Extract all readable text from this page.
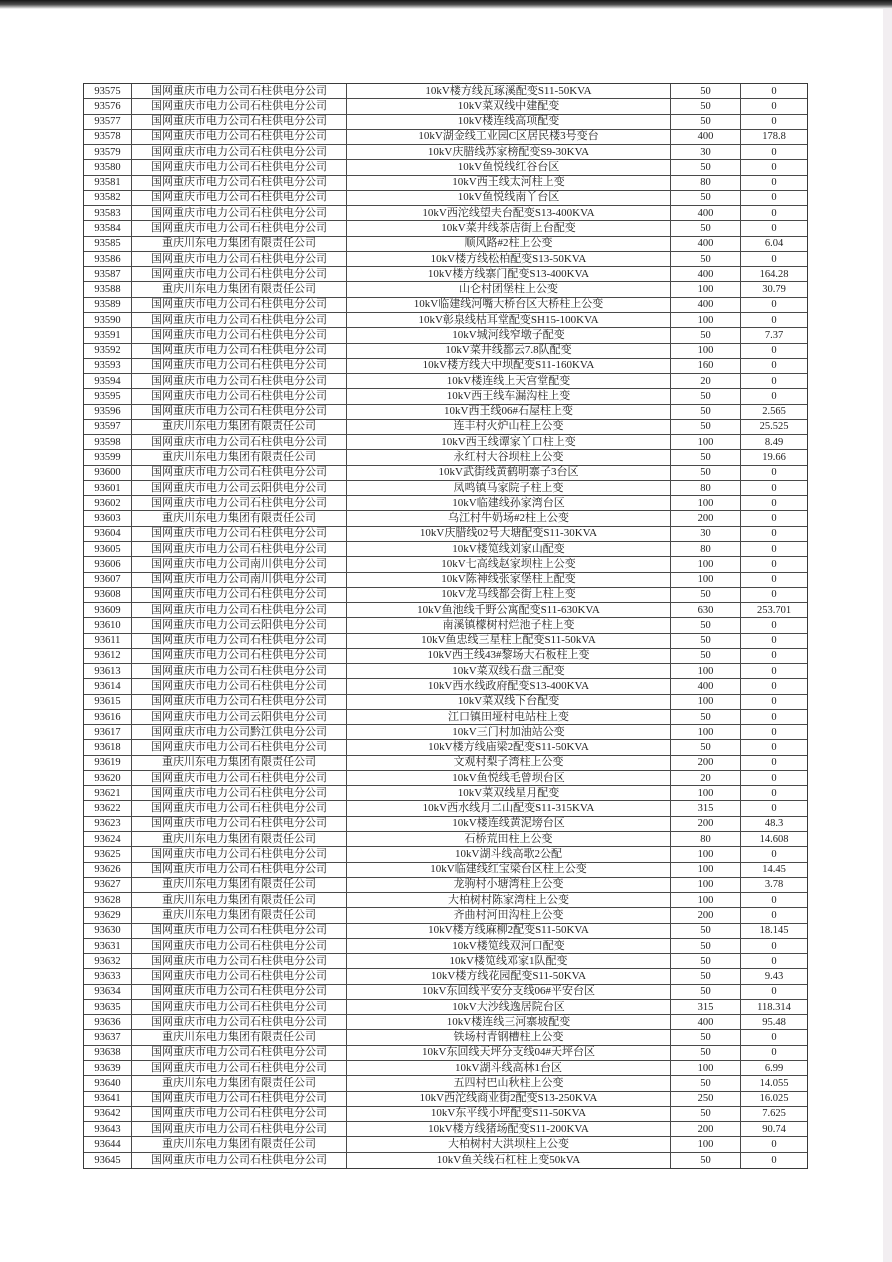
93575	国网重庆市电力公司石柱供电分公司	10kV楼方线瓦琢溪配变S11-50KVA	50	0
93576	国网重庆市电力公司石柱供电分公司	10kV菜双线中建配变	50	0
93577	国网重庆市电力公司石柱供电分公司	10kV楼连线高项配变	50	0
93578	国网重庆市电力公司石柱供电分公司	10kV湖金线工业园C区居民楼3号变台	400	178.8
93579	国网重庆市电力公司石柱供电分公司	10kV庆腊线苏家榜配变S9-30KVA	30	0
93580	国网重庆市电力公司石柱供电分公司	10kV鱼悦线红谷台区	50	0
93581	国网重庆市电力公司石柱供电分公司	10kV西王线太河柱上变	80	0
93582	国网重庆市电力公司石柱供电分公司	10kV鱼悦线南丫台区	50	0
93583	国网重庆市电力公司石柱供电分公司	10kV西沱线望夫台配变S13-400KVA	400	0
93584	国网重庆市电力公司石柱供电分公司	10kV菜井线茶店街上台配变	50	0
93585	重庆川东电力集团有限责任公司	顺风路#2柱上公变	400	6.04
93586	国网重庆市电力公司石柱供电分公司	10kV楼方线松柏配变S13-50KVA	50	0
93587	国网重庆市电力公司石柱供电分公司	10kV楼方线寨门配变S13-400KVA	400	164.28
93588	重庆川东电力集团有限责任公司	山仑村团堡柱上公变	100	30.79
93589	国网重庆市电力公司石柱供电分公司	10kV临建线河嘴大桥台区大桥柱上公变	400	0
93590	国网重庆市电力公司石柱供电分公司	10kV彰泉线枯耳堂配变SH15-100KVA	100	0
93591	国网重庆市电力公司石柱供电分公司	10kV城河线窄墩子配变	50	7.37
93592	国网重庆市电力公司石柱供电分公司	10kV菜井线都云7.8队配变	100	0
93593	国网重庆市电力公司石柱供电分公司	10kV楼方线大中坝配变S11-160KVA	160	0
93594	国网重庆市电力公司石柱供电分公司	10kV楼连线上天宫堂配变	20	0
93595	国网重庆市电力公司石柱供电分公司	10kV西王线车漏沟柱上变	50	0
93596	国网重庆市电力公司石柱供电分公司	10kV西王线06#石屋柱上变	50	2.565
93597	重庆川东电力集团有限责任公司	连丰村火炉山柱上公变	50	25.525
93598	国网重庆市电力公司石柱供电分公司	10kV西王线谭家丫口柱上变	100	8.49
93599	重庆川东电力集团有限责任公司	永红村大谷坝柱上公变	50	19.66
93600	国网重庆市电力公司石柱供电分公司	10kV武街线黄鹤明寨子3台区	50	0
93601	国网重庆市电力公司云阳供电分公司	凤鸣镇马家院子柱上变	80	0
93602	国网重庆市电力公司石柱供电分公司	10kV临建线孙家湾台区	100	0
93603	重庆川东电力集团有限责任公司	乌江村牛奶场#2柱上公变	200	0
93604	国网重庆市电力公司石柱供电分公司	10kV庆腊线02号大塘配变S11-30KVA	30	0
93605	国网重庆市电力公司石柱供电分公司	10kV楼笕线刘家山配变	80	0
93606	国网重庆市电力公司南川供电分公司	10kV七高线赵家坝柱上公变	100	0
93607	国网重庆市电力公司南川供电分公司	10kV陈神线张家堡柱上配变	100	0
93608	国网重庆市电力公司石柱供电分公司	10kV龙马线都会街上柱上变	50	0
93609	国网重庆市电力公司石柱供电分公司	10kV鱼池线千野公寓配变S11-630KVA	630	253.701
93610	国网重庆市电力公司云阳供电分公司	南溪镇檬树村烂池子柱上变	50	0
93611	国网重庆市电力公司石柱供电分公司	10kV鱼忠线三星柱上配变S11-50kVA	50	0
93612	国网重庆市电力公司石柱供电分公司	10kV西王线43#黎场大石板柱上变	50	0
93613	国网重庆市电力公司石柱供电分公司	10kV菜双线石盘三配变	100	0
93614	国网重庆市电力公司石柱供电分公司	10kV西水线政府配变S13-400KVA	400	0
93615	国网重庆市电力公司石柱供电分公司	10kV菜双线下台配变	100	0
93616	国网重庆市电力公司云阳供电分公司	江口镇田垭村电站柱上变	50	0
93617	国网重庆市电力公司黔江供电分公司	10kV三门村加油站公变	100	0
93618	国网重庆市电力公司石柱供电分公司	10kV楼方线庙梁2配变S11-50KVA	50	0
93619	重庆川东电力集团有限责任公司	文观村梨子湾柱上公变	200	0
93620	国网重庆市电力公司石柱供电分公司	10kV鱼悦线毛曾坝台区	20	0
93621	国网重庆市电力公司石柱供电分公司	10kV菜双线星月配变	100	0
93622	国网重庆市电力公司石柱供电分公司	10kV西水线月二山配变S11-315KVA	315	0
93623	国网重庆市电力公司石柱供电分公司	10kV楼连线黄泥塝台区	200	48.3
93624	重庆川东电力集团有限责任公司	石桥荒田柱上公变	80	14.608
93625	国网重庆市电力公司石柱供电分公司	10kV湖斗线高歌2公配	100	0
93626	国网重庆市电力公司石柱供电分公司	10kV临建线红宝梁台区柱上公变	100	14.45
93627	重庆川东电力集团有限责任公司	龙驹村小塘湾柱上公变	100	3.78
93628	重庆川东电力集团有限责任公司	大柏树村陈家湾柱上公变	100	0
93629	重庆川东电力集团有限责任公司	齐曲村河田沟柱上公变	200	0
93630	国网重庆市电力公司石柱供电分公司	10kV楼方线麻柳2配变S11-50KVA	50	18.145
93631	国网重庆市电力公司石柱供电分公司	10kV楼笕线双河口配变	50	0
93632	国网重庆市电力公司石柱供电分公司	10kV楼笕线邓家1队配变	50	0
93633	国网重庆市电力公司石柱供电分公司	10kV楼方线花园配变S11-50KVA	50	9.43
93634	国网重庆市电力公司石柱供电分公司	10kV东回线平安分支线06#平安台区	50	0
93635	国网重庆市电力公司石柱供电分公司	10kV大沙线逸居院台区	315	118.314
93636	国网重庆市电力公司石柱供电分公司	10kV楼连线三河寨坡配变	400	95.48
93637	重庆川东电力集团有限责任公司	铁场村青钢槽柱上公变	50	0
93638	国网重庆市电力公司石柱供电分公司	10kV东回线天坪分支线04#天坪台区	50	0
93639	国网重庆市电力公司石柱供电分公司	10kV湖斗线高林1台区	100	6.99
93640	重庆川东电力集团有限责任公司	五四村巴山秋柱上公变	50	14.055
93641	国网重庆市电力公司石柱供电分公司	10kV西沱线商业街2配变S13-250KVA	250	16.025
93642	国网重庆市电力公司石柱供电分公司	10kV东平线小坪配变S11-50KVA	50	7.625
93643	国网重庆市电力公司石柱供电分公司	10kV楼方线猪场配变S11-200KVA	200	90.74
93644	重庆川东电力集团有限责任公司	大柏树村大洪坝柱上公变	100	0
93645	国网重庆市电力公司石柱供电分公司	10kV鱼关线石杠柱上变50kVA	50	0
